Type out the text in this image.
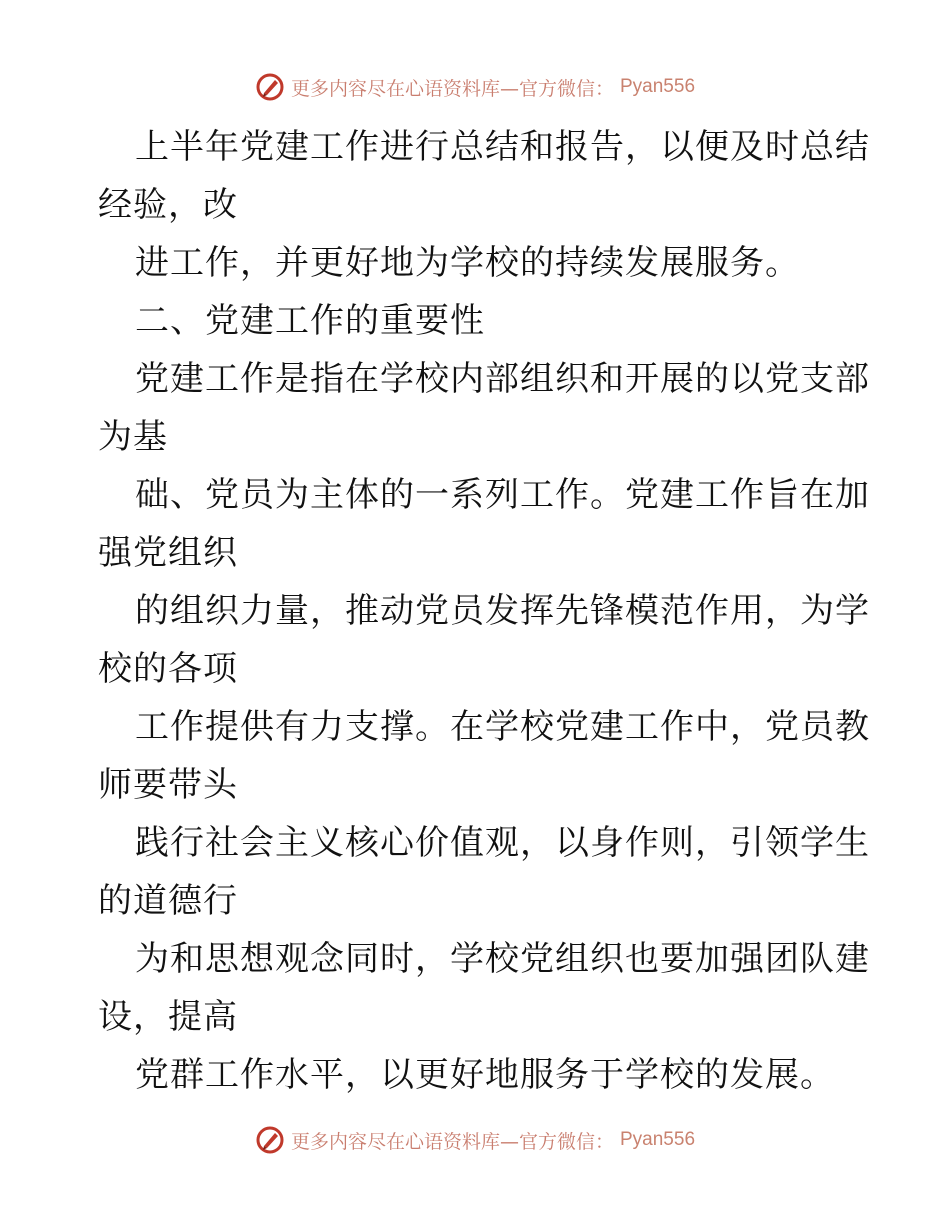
更多内容尽在心语资料库—官方微信： Pyan556
上半年党建工作进行总结和报告，以便及时总结
经验，改
进工作，并更好地为学校的持续发展服务。
二、党建工作的重要性
党建工作是指在学校内部组织和开展的以党支部
为基
础、党员为主体的一系列工作。党建工作旨在加
强党组织
的组织力量，推动党员发挥先锋模范作用，为学
校的各项
工作提供有力支撑。在学校党建工作中，党员教
师要带头
践行社会主义核心价值观，以身作则，引领学生
的道德行
为和思想观念同时，学校党组织也要加强团队建
设，提高
党群工作水平，以更好地服务于学校的发展。
更多内容尽在心语资料库—官方微信： Pyan556
